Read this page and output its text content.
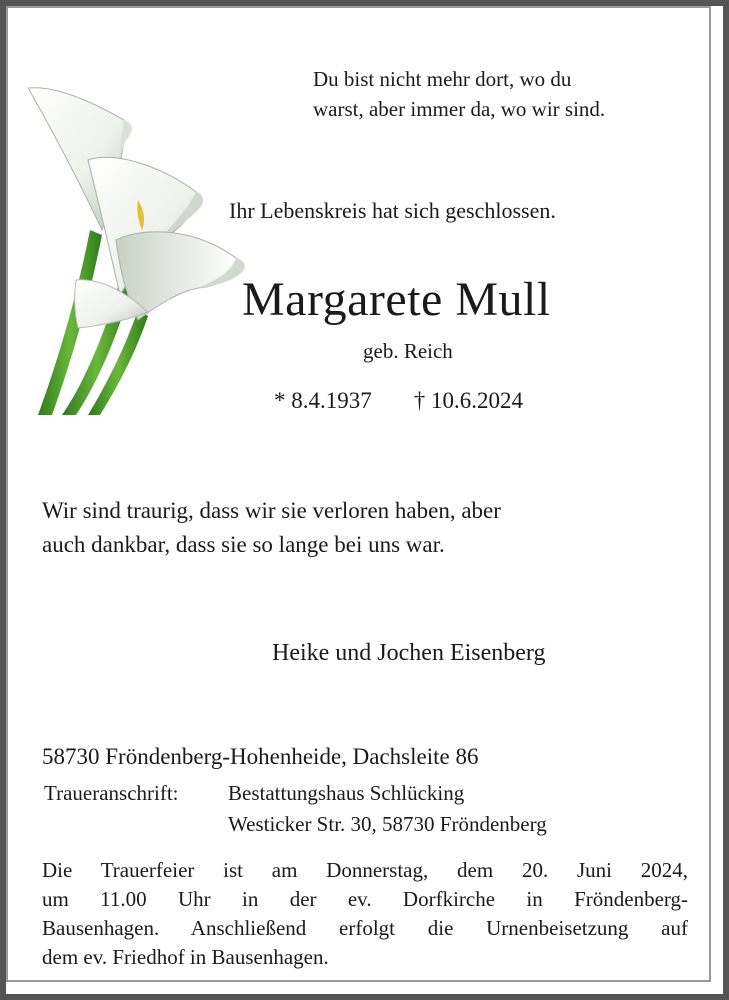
Du bist nicht mehr dort, wo du
warst, aber immer da, wo wir sind.
Ihr Lebenskreis hat sich geschlossen.
Margarete Mull
geb. Reich
* 8.4.1937 † 10.6.2024
Wir sind traurig, dass wir sie verloren haben, aber
auch dankbar, dass sie so lange bei uns war.
Heike und Jochen Eisenberg
58730 Fröndenberg-Hohenheide, Dachsleite 86
Traueranschrift: Bestattungshaus Schlücking
Westicker Str. 30, 58730 Fröndenberg
Die Trauerfeier ist am Donnerstag, dem 20. Juni 2024,
um 11.00 Uhr in der ev. Dorfkirche in Fröndenberg-
Bausenhagen. Anschließend erfolgt die Urnenbeisetzung auf
dem ev. Friedhof in Bausenhagen.
